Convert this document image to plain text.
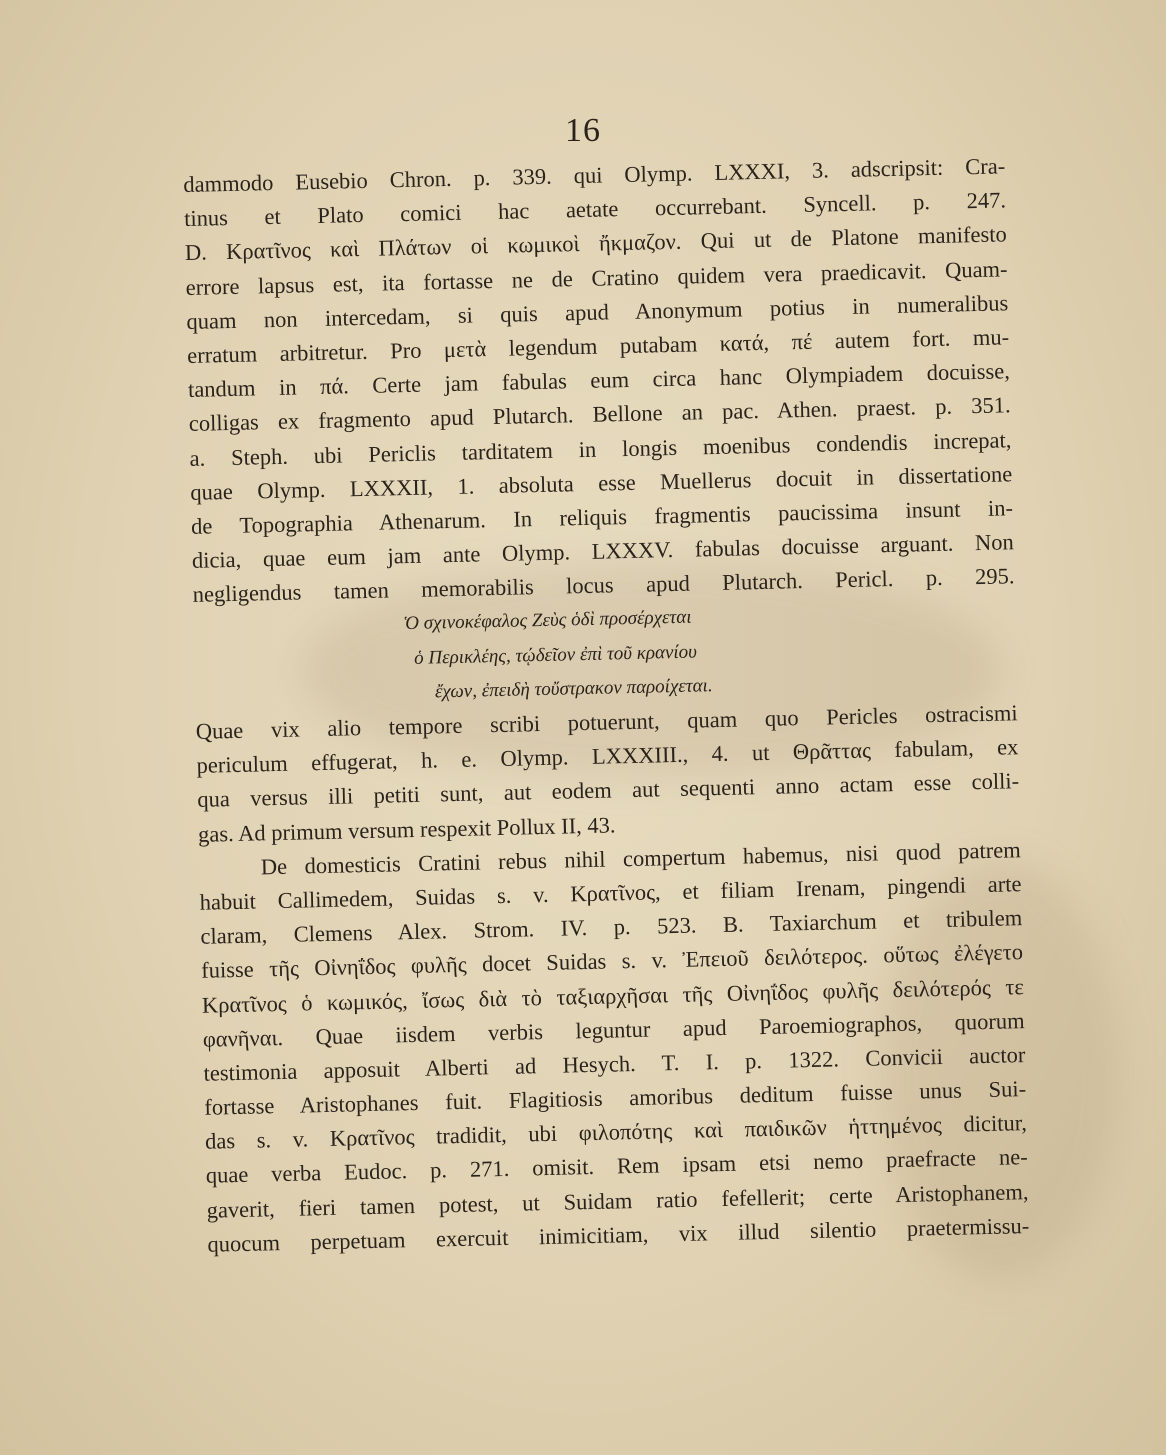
16
dammodo Eusebio Chron. p. 339. qui Olymp. LXXXI, 3. adscripsit: Cra-
tinus et Plato comici hac aetate occurrebant. Syncell. p. 247.
D. Κρατῖνος καὶ Πλάτων οἱ κωμικοὶ ἤκμαζον. Qui ut de Platone manifesto
errore lapsus est, ita fortasse ne de Cratino quidem vera praedicavit. Quam-
quam non intercedam, si quis apud Anonymum potius in numeralibus
erratum arbitretur. Pro μετὰ legendum putabam κατά, πέ autem fort. mu-
tandum in πά. Certe jam fabulas eum circa hanc Olympiadem docuisse,
colligas ex fragmento apud Plutarch. Bellone an pac. Athen. praest. p. 351.
a. Steph. ubi Periclis tarditatem in longis moenibus condendis increpat,
quae Olymp. LXXXII, 1. absoluta esse Muellerus docuit in dissertatione
de Topographia Athenarum. In reliquis fragmentis paucissima insunt in-
dicia, quae eum jam ante Olymp. LXXXV. fabulas docuisse arguant. Non
negligendus tamen memorabilis locus apud Plutarch. Pericl. p. 295.
Ὁ σχινοκέφαλος Ζεὺς ὁδὶ προσέρχεται
ὁ Περικλέης, τῴδεῖον ἐπὶ τοῦ κρανίου
ἔχων, ἐπειδὴ τοὔστρακον παροίχεται.
Quae vix alio tempore scribi potuerunt, quam quo Pericles ostracismi
periculum effugerat, h. e. Olymp. LXXXIII., 4. ut Θρᾶττας fabulam, ex
qua versus illi petiti sunt, aut eodem aut sequenti anno actam esse colli-
gas. Ad primum versum respexit Pollux II, 43.
De domesticis Cratini rebus nihil compertum habemus, nisi quod patrem
habuit Callimedem, Suidas s. v. Κρατῖνος, et filiam Irenam, pingendi arte
claram, Clemens Alex. Strom. IV. p. 523. B. Taxiarchum et tribulem
fuisse τῆς Οἰνηΐδος φυλῆς docet Suidas s. v. Ἐπειοῦ δειλότερος. οὕτως ἐλέγετο
Κρατῖνος ὁ κωμικός, ἴσως διὰ τὸ ταξιαρχῆσαι τῆς Οἰνηΐδος φυλῆς δειλότερός τε
φανῆναι. Quae iisdem verbis leguntur apud Paroemiographos, quorum
testimonia apposuit Alberti ad Hesych. T. I. p. 1322. Convicii auctor
fortasse Aristophanes fuit. Flagitiosis amoribus deditum fuisse unus Sui-
das s. v. Κρατῖνος tradidit, ubi φιλοπότης καὶ παιδικῶν ἡττημένος dicitur,
quae verba Eudoc. p. 271. omisit. Rem ipsam etsi nemo praefracte ne-
gaverit, fieri tamen potest, ut Suidam ratio fefellerit; certe Aristophanem,
quocum perpetuam exercuit inimicitiam, vix illud silentio praetermissu-
